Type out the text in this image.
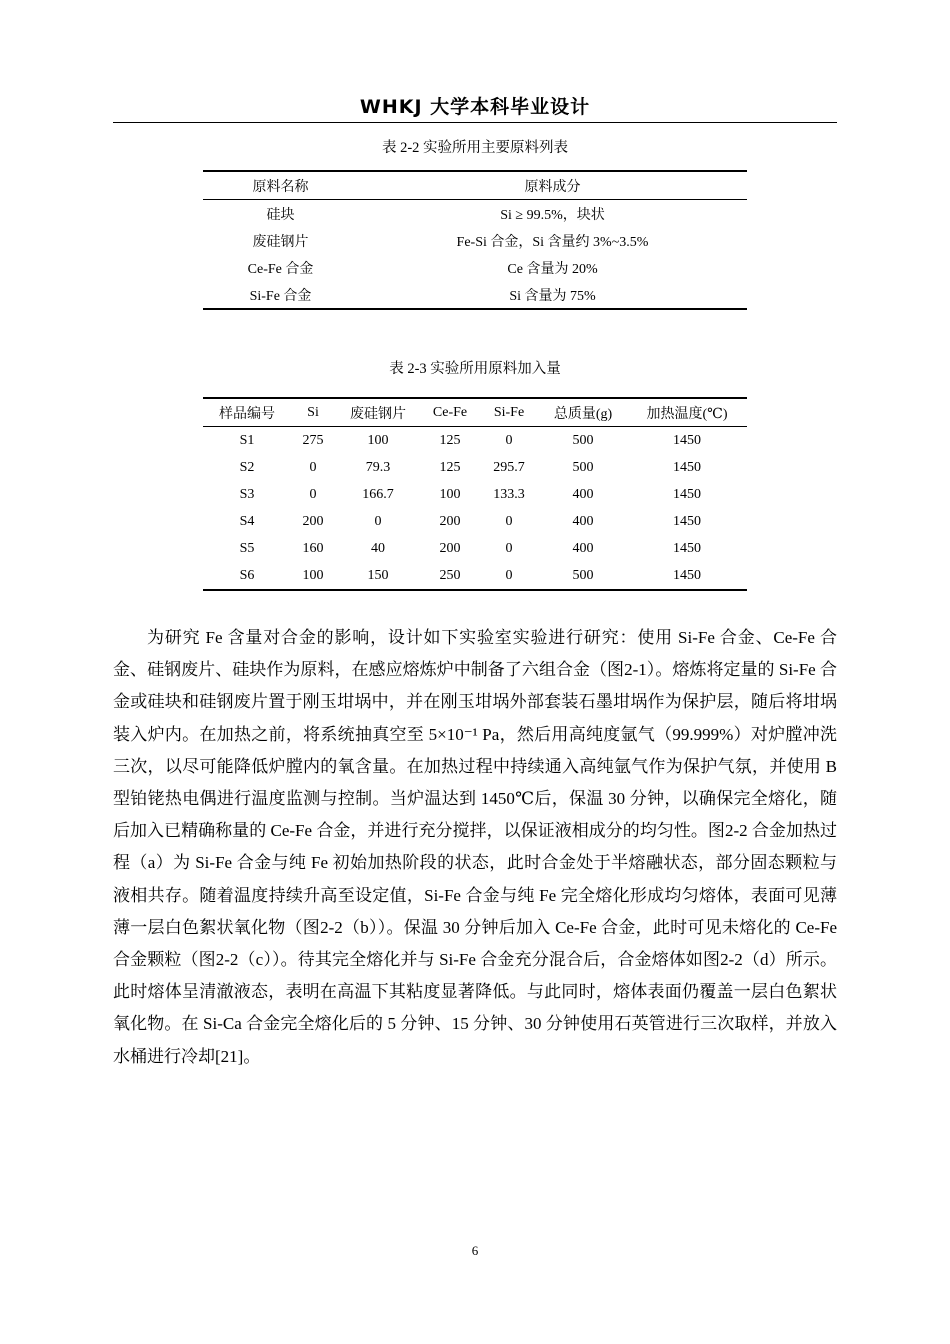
WHKJ 大学本科毕业设计
表 2-2 实验所用主要原料列表
原料名称	原料成分
硅块	Si ≥ 99.5%，块状
废硅钢片	Fe-Si 合金，Si 含量约 3%~3.5%
Ce-Fe 合金	Ce 含量为 20%
Si-Fe 合金	Si 含量为 75%
表 2-3 实验所用原料加入量
样品编号	Si	废硅钢片	Ce-Fe	Si-Fe	总质量(g)	加热温度(℃)
S1	275	100	125	0	500	1450
S2	0	79.3	125	295.7	500	1450
S3	0	166.7	100	133.3	400	1450
S4	200	0	200	0	400	1450
S5	160	40	200	0	400	1450
S6	100	150	250	0	500	1450

为研究 Fe 含量对合金的影响，设计如下实验室实验进行研究：使用 Si-Fe 合金、Ce-Fe 合金、硅钢废片、硅块作为原料，在感应熔炼炉中制备了六组合金（图2-1）。熔炼将定量的 Si-Fe 合金或硅块和硅钢废片置于刚玉坩埚中，并在刚玉坩埚外部套装石墨坩埚作为保护层，随后将坩埚装入炉内。在加热之前，将系统抽真空至 5×10⁻¹ Pa，然后用高纯度氩气（99.999%）对炉膛冲洗三次，以尽可能降低炉膛内的氧含量。在加热过程中持续通入高纯氩气作为保护气氛，并使用 B 型铂铑热电偶进行温度监测与控制。当炉温达到 1450℃后，保温 30 分钟，以确保完全熔化，随后加入已精确称量的 Ce-Fe 合金，并进行充分搅拌，以保证液相成分的均匀性。图2-2 合金加热过程（a）为 Si-Fe 合金与纯 Fe 初始加热阶段的状态，此时合金处于半熔融状态，部分固态颗粒与液相共存。随着温度持续升高至设定值，Si-Fe 合金与纯 Fe 完全熔化形成均匀熔体，表面可见薄薄一层白色絮状氧化物（图2-2（b））。保温 30 分钟后加入 Ce-Fe 合金，此时可见未熔化的 Ce-Fe 合金颗粒（图2-2（c））。待其完全熔化并与 Si-Fe 合金充分混合后，合金熔体如图2-2（d）所示。此时熔体呈清澈液态，表明在高温下其粘度显著降低。与此同时，熔体表面仍覆盖一层白色絮状氧化物。在 Si-Ca 合金完全熔化后的 5 分钟、15 分钟、30 分钟使用石英管进行三次取样，并放入水桶进行冷却[21]。

6
